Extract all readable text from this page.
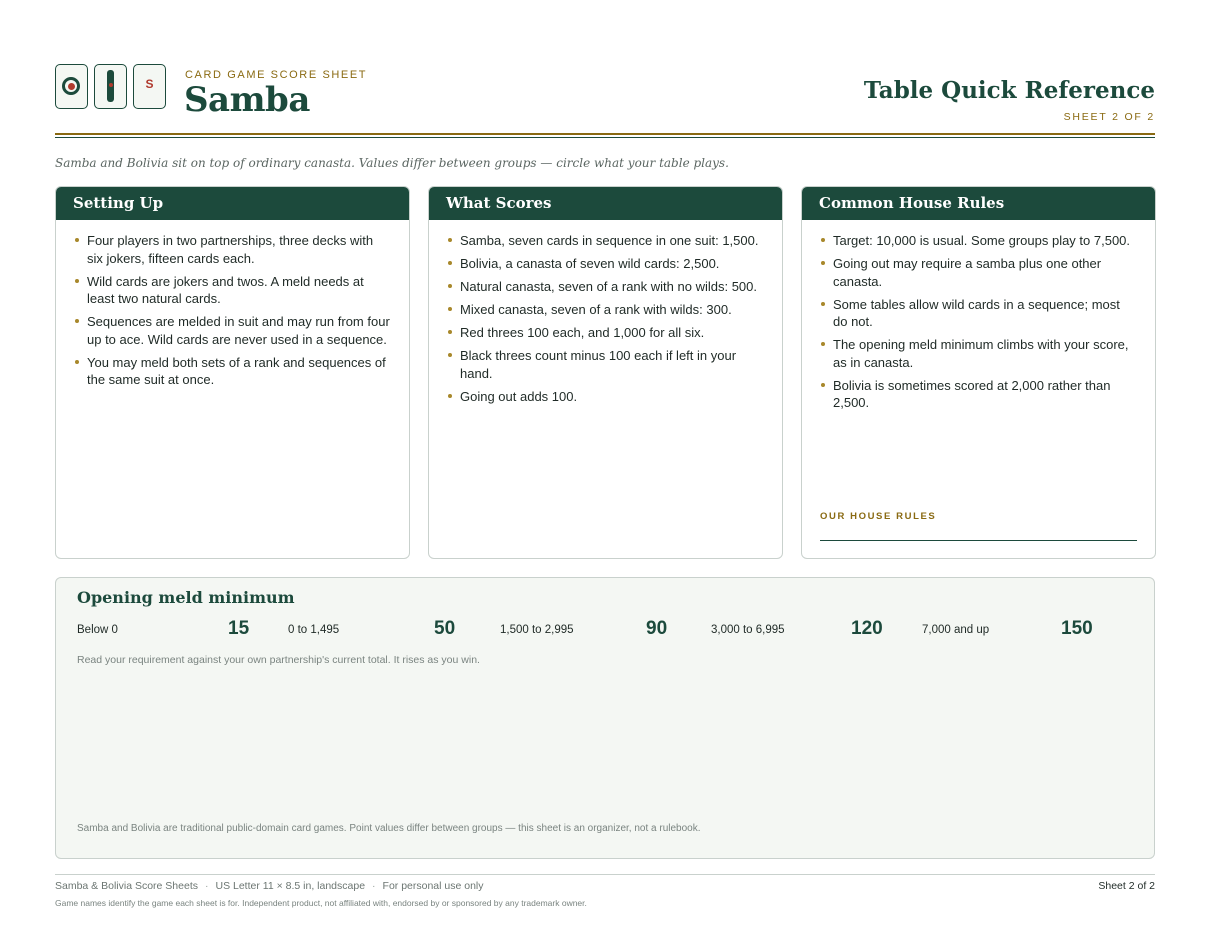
S
CARD GAME SCORE SHEET
Samba	Table Quick Reference
SHEET 2 OF 2
Samba and Bolivia sit on top of ordinary canasta. Values differ between groups — circle what your table plays.
Setting Up
Four players in two partnerships, three decks with six jokers, fifteen cards each.
Wild cards are jokers and twos. A meld needs at least two natural cards.
Sequences are melded in suit and may run from four up to ace. Wild cards are never used in a sequence.
You may meld both sets of a rank and sequences of the same suit at once.
What Scores
Samba, seven cards in sequence in one suit: 1,500.
Bolivia, a canasta of seven wild cards: 2,500.
Natural canasta, seven of a rank with no wilds: 500.
Mixed canasta, seven of a rank with wilds: 300.
Red threes 100 each, and 1,000 for all six.
Black threes count minus 100 each if left in your hand.
Going out adds 100.
Common House Rules
Target: 10,000 is usual. Some groups play to 7,500.
Going out may require a samba plus one other canasta.
Some tables allow wild cards in a sequence; most do not.
The opening meld minimum climbs with your score, as in canasta.
Bolivia is sometimes scored at 2,000 rather than 2,500.
OUR HOUSE RULES
Opening meld minimum
Below 0	15	0 to 1,495	50	1,500 to 2,995	90	3,000 to 6,995	120	7,000 and up	150
Read your requirement against your own partnership's current total. It rises as you win.
Samba and Bolivia are traditional public-domain card games. Point values differ between groups — this sheet is an organizer, not a rulebook.
Samba & Bolivia Score Sheets · US Letter 11 × 8.5 in, landscape · For personal use only	Sheet 2 of 2
Game names identify the game each sheet is for. Independent product, not affiliated with, endorsed by or sponsored by any trademark owner.
